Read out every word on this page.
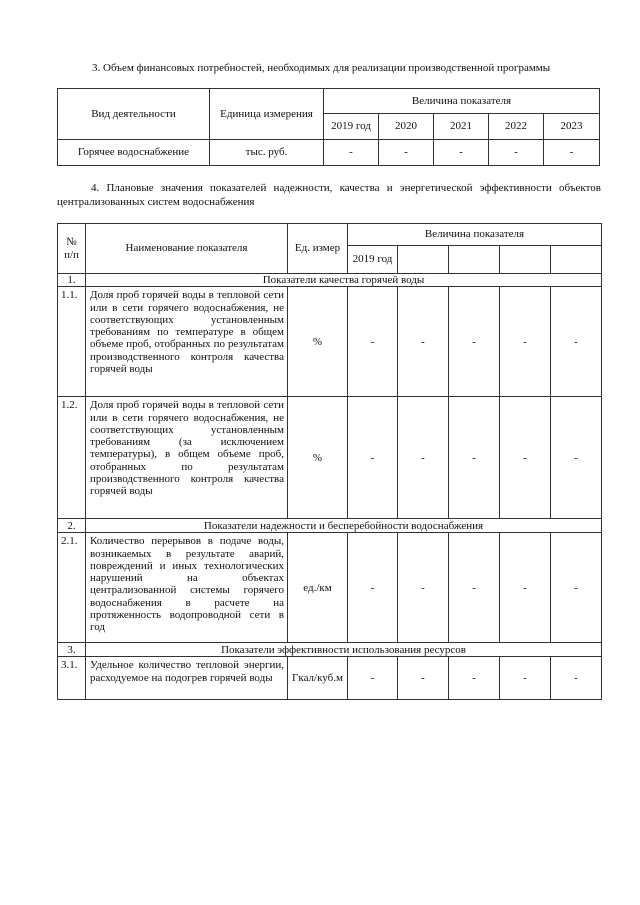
3. Объем финансовых потребностей, необходимых для реализации производственной программы

Вид деятельности	Единица измерения	Величина показателя				
		2019 год	2020	2021	2022	2023
Горячее водоснабжение	тыс. руб.	-	-	-	-	-

4. Плановые значения показателей надежности, качества и энергетической эффективности объектов централизованных систем водоснабжения

№ п/п	Наименование показателя	Ед. измер	Величина показателя				
			2019 год				
1.	Показатели качества горячей воды						
1.1.	Доля проб горячей воды в тепловой сети или в сети горячего водоснабжения, не соответствующих установленным требованиям по температуре в общем объеме проб, отобранных по результатам производственного контроля качества горячей воды	%	-	-	-	-	-
1.2.	Доля проб горячей воды в тепловой сети или в сети горячего водоснабжения, не соответствующих установленным требованиям (за исключением температуры), в общем объеме проб, отобранных по результатам производственного контроля качества горячей воды	%	-	-	-	-	-
2.	Показатели надежности и бесперебойности водоснабжения						
2.1.	Количество перерывов в подаче воды, возникаемых в результате аварий, повреждений и иных технологических нарушений на объектах централизованной системы горячего водоснабжения в расчете на протяженность водопроводной сети в год	ед./км	-	-	-	-	-
3.	Показатели эффективности использования ресурсов						
3.1.	Удельное количество тепловой энергии, расходуемое на подогрев горячей воды	Гкал/куб.м	-	-	-	-	-
